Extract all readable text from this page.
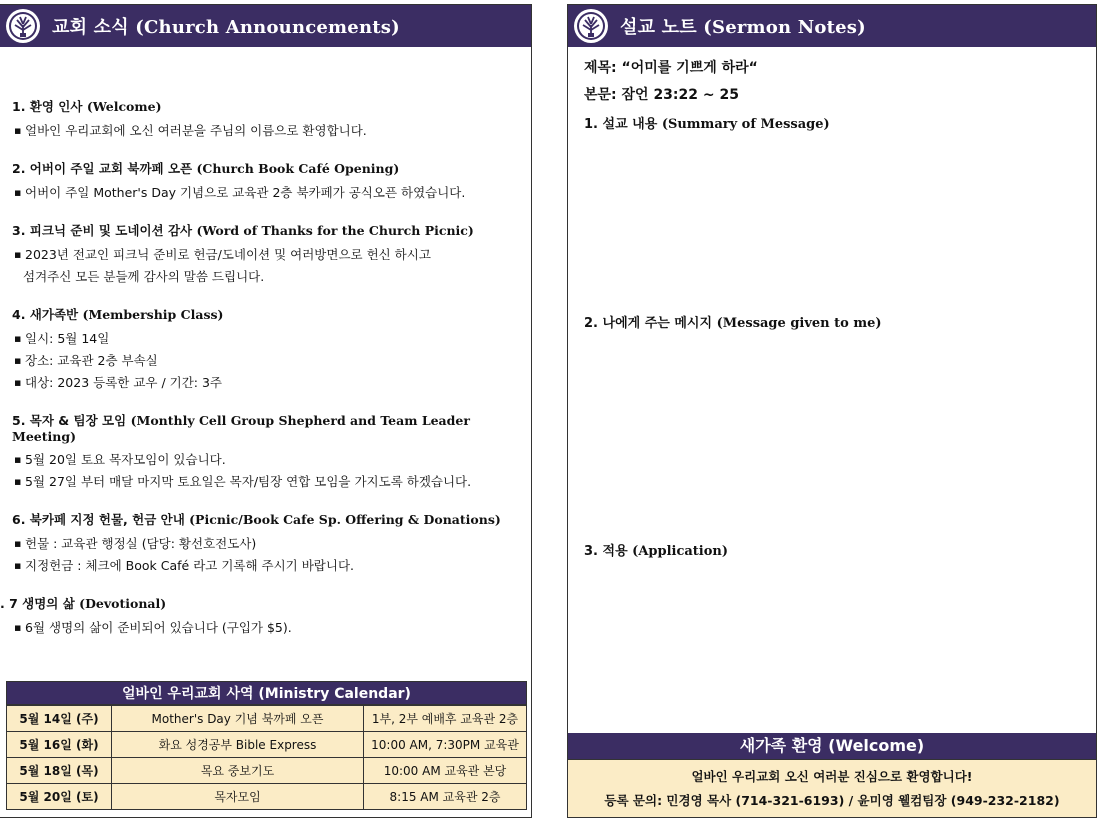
교회 소식 (Church Announcements)
1. 환영 인사 (Welcome)
▪ 얼바인 우리교회에 오신 여러분을 주님의 이름으로 환영합니다.
2. 어버이 주일 교회 북까페 오픈 (Church Book Café Opening)
▪ 어버이 주일 Mother's Day 기념으로 교육관 2층 북카페가 공식오픈 하였습니다.
3. 피크닉 준비 및 도네이션 감사 (Word of Thanks for the Church Picnic)
▪ 2023년 전교인 피크닉 준비로 헌금/도네이션 및 여러방면으로 헌신 하시고
섬겨주신 모든 분들께 감사의 말씀 드립니다.
4. 새가족반 (Membership Class)
▪ 일시: 5월 14일
▪ 장소: 교육관 2층 부속실
▪ 대상: 2023 등록한 교우 / 기간: 3주
5. 목자 & 팀장 모임 (Monthly Cell Group Shepherd and Team Leader Meeting)
▪ 5월 20일 토요 목자모임이 있습니다.
▪ 5월 27일 부터 매달 마지막 토요일은 목자/팀장 연합 모임을 가지도록 하겠습니다.
6. 북카페 지정 헌물, 헌금 안내 (Picnic/Book Cafe Sp. Offering & Donations)
▪ 헌물 : 교육관 행정실 (담당: 황선호전도사)
▪ 지정헌금 : 체크에 Book Café 라고 기록해 주시기 바랍니다.
. 7 생명의 삶 (Devotional)
▪ 6월 생명의 삶이 준비되어 있습니다 (구입가 $5).
얼바인 우리교회 사역 (Ministry Calendar)
5월 14일 (주)	Mother's Day 기념 북까페 오픈	1부, 2부 예배후 교육관 2층
5월 16일 (화)	화요 성경공부 Bible Express	10:00 AM, 7:30PM 교육관
5월 18일 (목)	목요 중보기도	10:00 AM 교육관 본당
5월 20일 (토)	목자모임	8:15 AM 교육관 2층
설교 노트 (Sermon Notes)
제목: “어미를 기쁘게 하라“
본문: 잠언 23:22 ~ 25
1. 설교 내용 (Summary of Message)
2. 나에게 주는 메시지 (Message given to me)
3. 적용 (Application)
새가족 환영 (Welcome)
얼바인 우리교회 오신 여러분 진심으로 환영합니다!
등록 문의: 민경영 목사 (714-321-6193) / 윤미영 웰컴팀장 (949-232-2182)
